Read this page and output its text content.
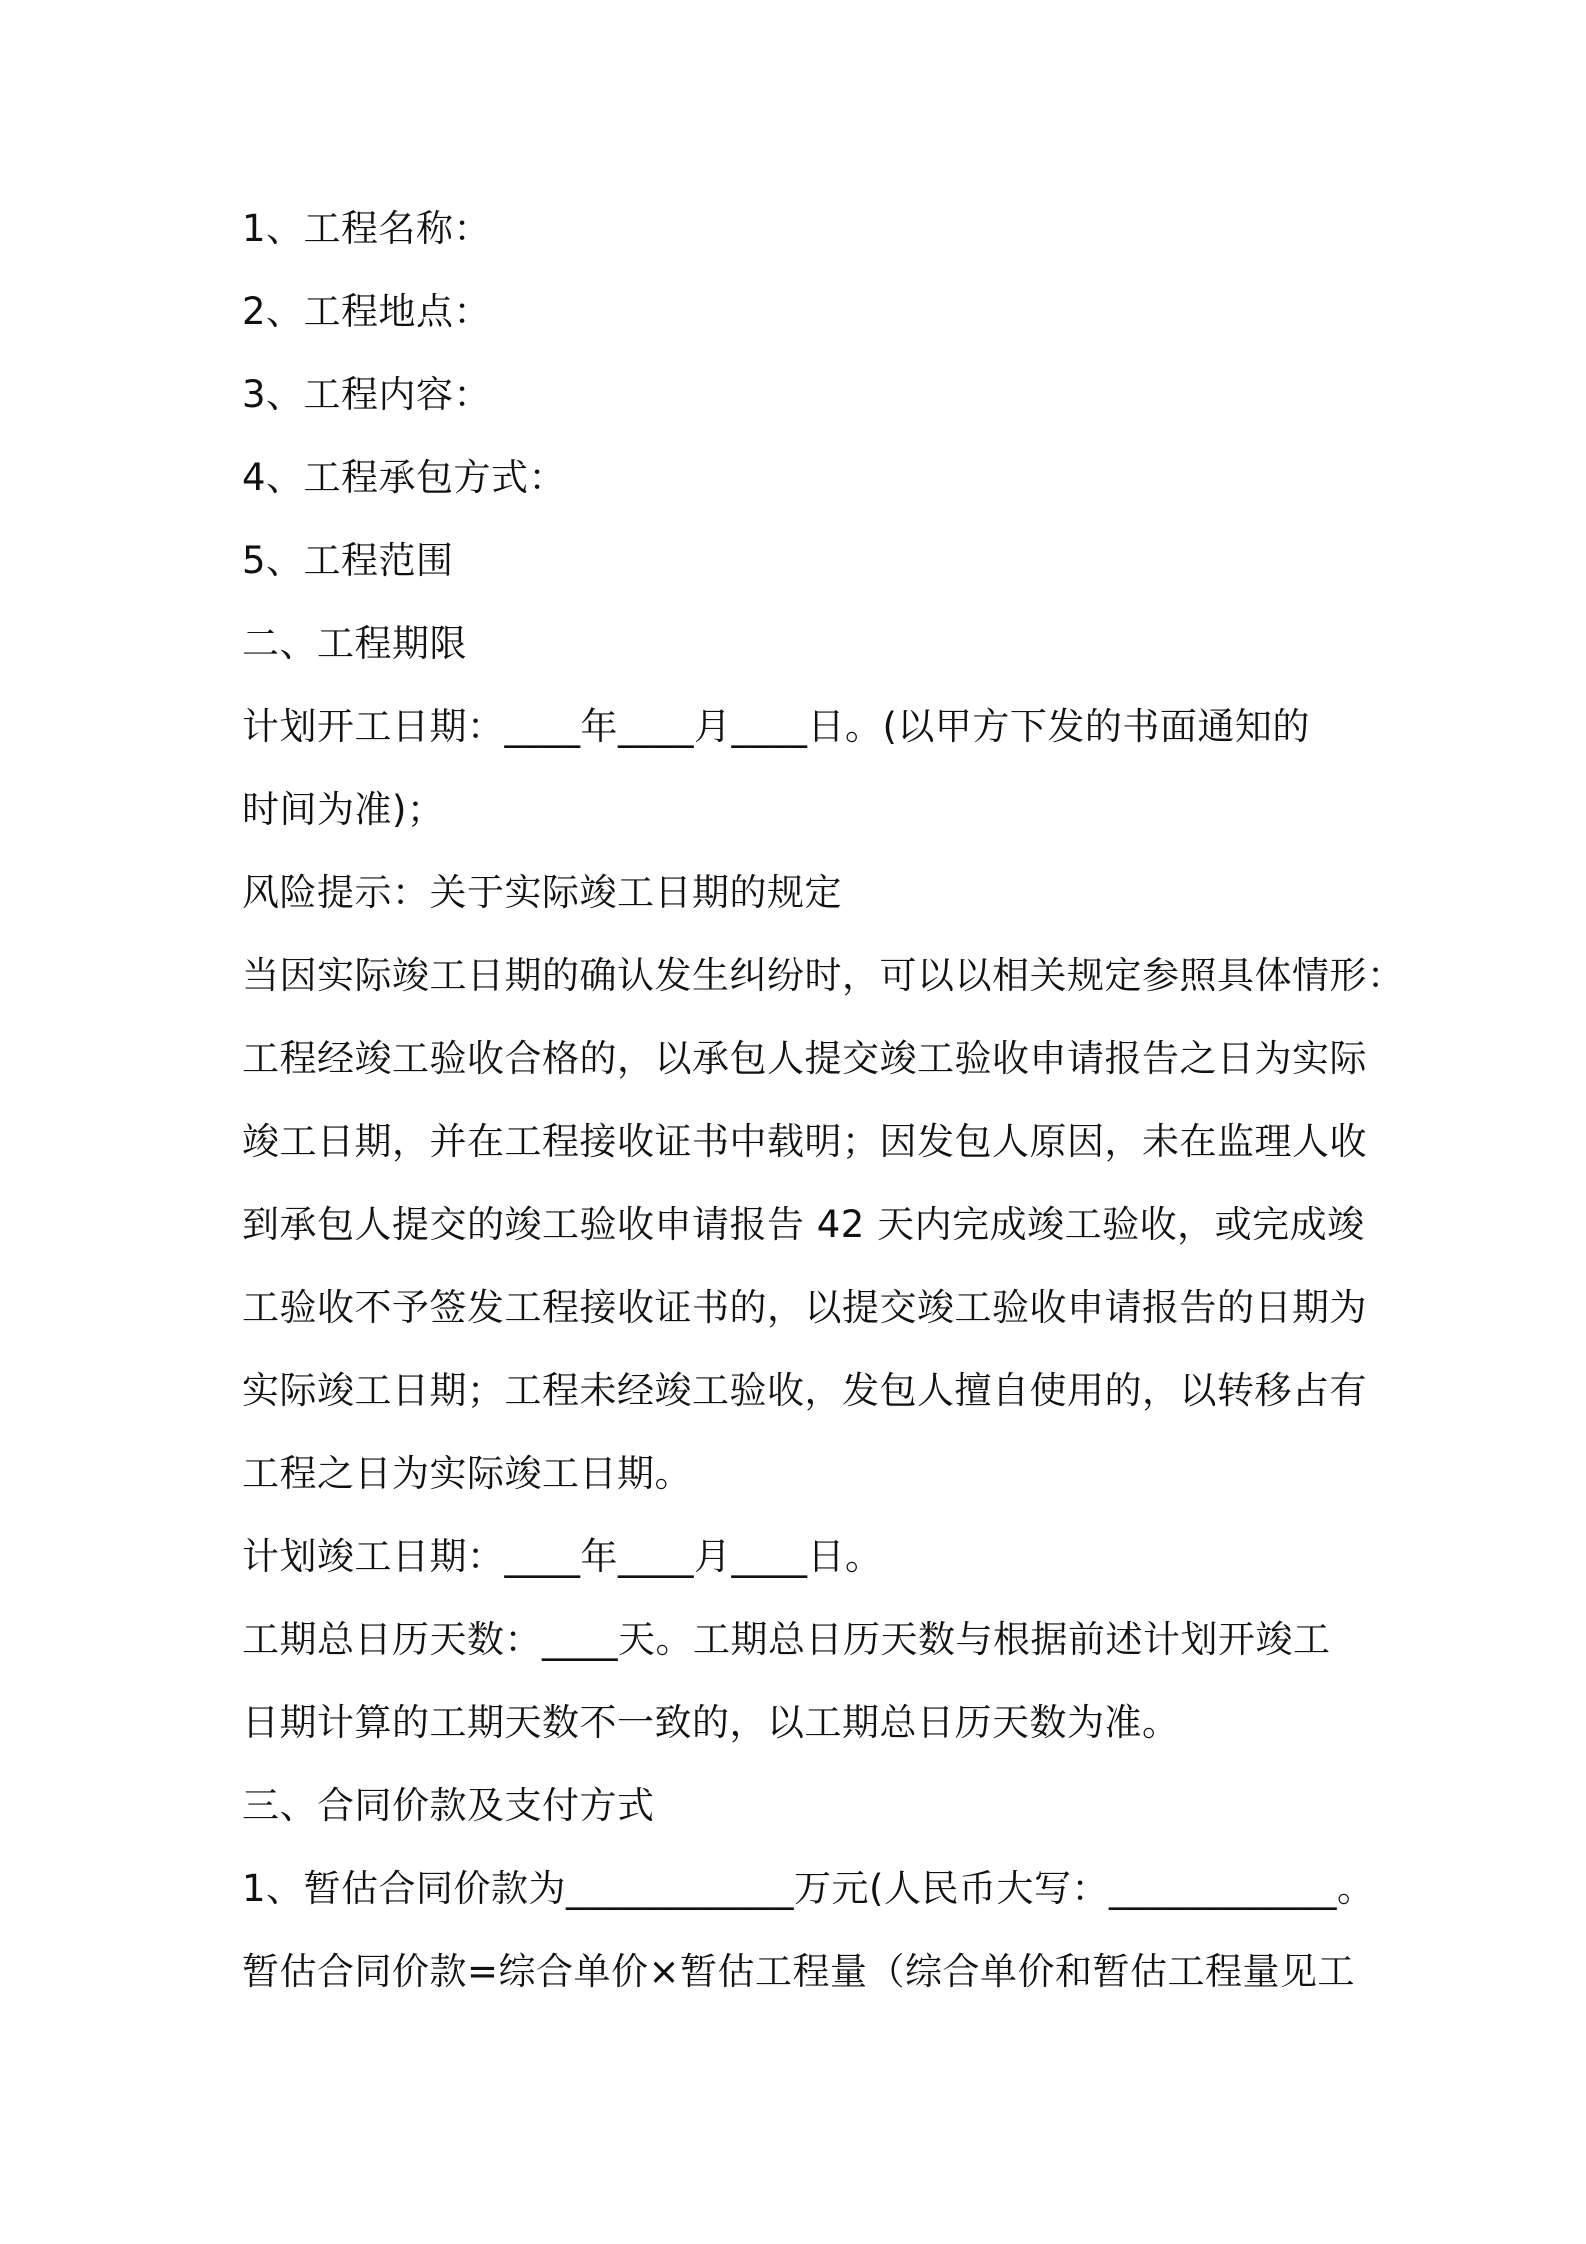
1、工程名称：
2、工程地点：
3、工程内容：
4、工程承包方式：
5、工程范围
二、工程期限
计划开工日期：____年____月____日。(以甲方下发的书面通知的
时间为准)；
风险提示：关于实际竣工日期的规定
当因实际竣工日期的确认发生纠纷时，可以以相关规定参照具体情形：
工程经竣工验收合格的，以承包人提交竣工验收申请报告之日为实际
竣工日期，并在工程接收证书中载明；因发包人原因，未在监理人收
到承包人提交的竣工验收申请报告 42 天内完成竣工验收，或完成竣
工验收不予签发工程接收证书的，以提交竣工验收申请报告的日期为
实际竣工日期；工程未经竣工验收，发包人擅自使用的，以转移占有
工程之日为实际竣工日期。
计划竣工日期：____年____月____日。
工期总日历天数：____天。工期总日历天数与根据前述计划开竣工
日期计算的工期天数不一致的，以工期总日历天数为准。
三、合同价款及支付方式
1、暂估合同价款为____________万元(人民币大写：____________。
暂估合同价款=综合单价×暂估工程量（综合单价和暂估工程量见工
